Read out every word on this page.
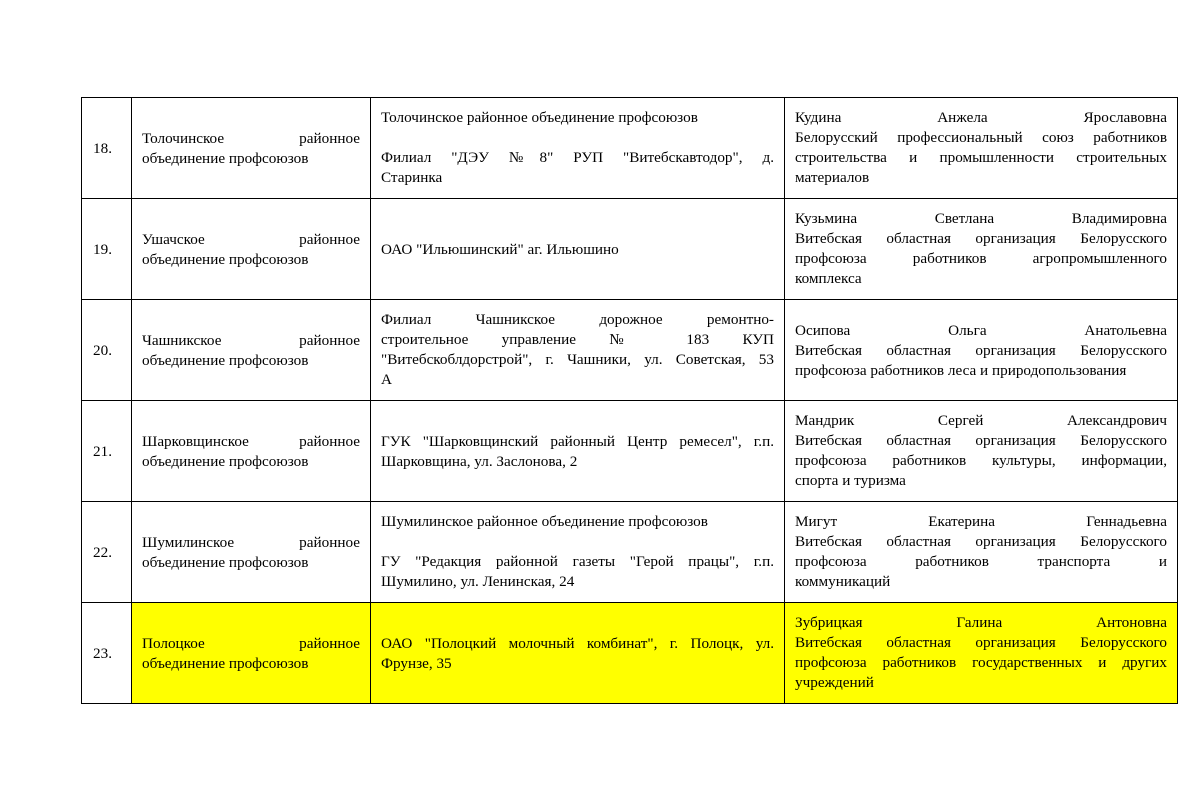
18.	Толочинское районное
объединение профсоюзов	Толочинское районное объединение профсоюзов
Филиал "ДЭУ №8" РУП "Витебскавтодор", д.
Старинка	Кудина Анжела Ярославовна
Белорусский профессиональный союз работников
строительства и промышленности строительных
материалов

19.	Ушачское районное
объединение профсоюзов	ОАО "Ильюшинский" аг. Ильюшино	Кузьмина Светлана Владимировна
Витебская областная организация Белорусского
профсоюза работников агропромышленного
комплекса

20.	Чашникское районное
объединение профсоюзов	Филиал Чашникское дорожное ремонтно-
строительное управление № 183 КУП
"Витебскоблдорстрой", г. Чашники, ул. Советская, 53
А	Осипова Ольга Анатольевна
Витебская областная организация Белорусского
профсоюза работников леса и природопользования

21.	Шарковщинское районное
объединение профсоюзов	ГУК "Шарковщинский районный Центр ремесел", г.п.
Шарковщина, ул. Заслонова, 2	Мандрик Сергей Александрович
Витебская областная организация Белорусского
профсоюза работников культуры, информации,
спорта и туризма

22.	Шумилинское районное
объединение профсоюзов	Шумилинское районное объединение профсоюзов
ГУ "Редакция районной газеты "Герой працы", г.п.
Шумилино, ул. Ленинская, 24	Мигут Екатерина Геннадьевна
Витебская областная организация Белорусского
профсоюза работников транспорта и
коммуникаций

23.	Полоцкое районное
объединение профсоюзов	ОАО "Полоцкий молочный комбинат", г. Полоцк, ул.
Фрунзе, 35	Зубрицкая Галина Антоновна
Витебская областная организация Белорусского
профсоюза работников государственных и других
учреждений
